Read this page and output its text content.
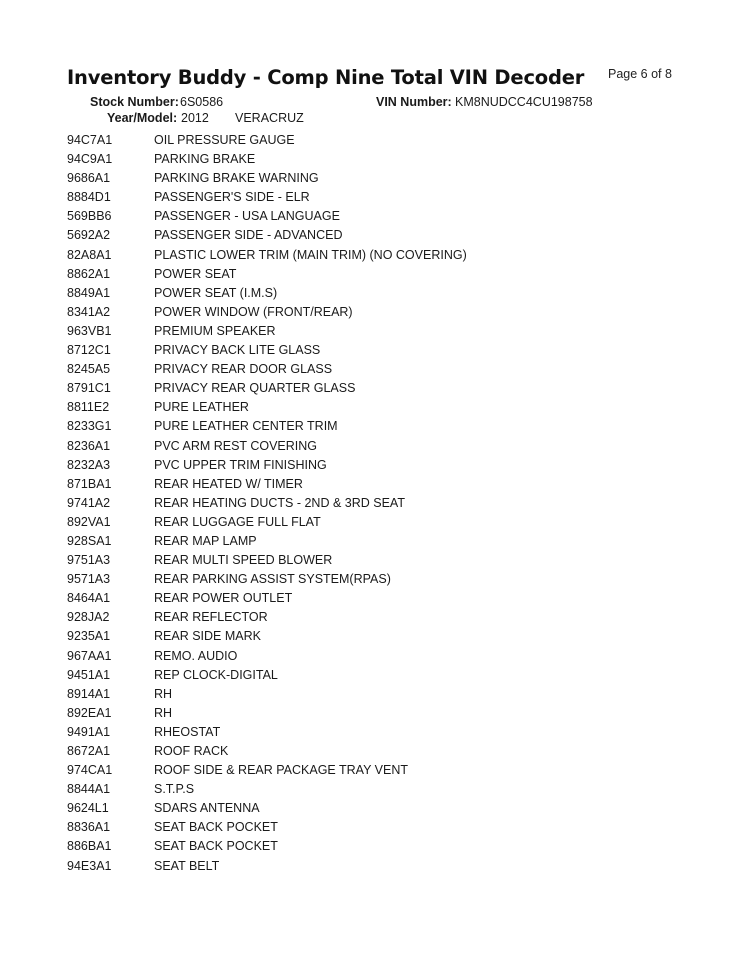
Inventory Buddy - Comp Nine Total VIN Decoder Page 6 of 8
Stock Number: 6S0586	VIN Number: KM8NUDCC4CU198758
Year/Model: 2012 VERACRUZ
94C7A1	OIL PRESSURE GAUGE
94C9A1	PARKING BRAKE
9686A1	PARKING BRAKE WARNING
8884D1	PASSENGER'S SIDE - ELR
569BB6	PASSENGER - USA LANGUAGE
5692A2	PASSENGER SIDE - ADVANCED
82A8A1	PLASTIC LOWER TRIM (MAIN TRIM) (NO COVERING)
8862A1	POWER SEAT
8849A1	POWER SEAT (I.M.S)
8341A2	POWER WINDOW (FRONT/REAR)
963VB1	PREMIUM SPEAKER
8712C1	PRIVACY BACK LITE GLASS
8245A5	PRIVACY REAR DOOR GLASS
8791C1	PRIVACY REAR QUARTER GLASS
8811E2	PURE LEATHER
8233G1	PURE LEATHER CENTER TRIM
8236A1	PVC ARM REST COVERING
8232A3	PVC UPPER TRIM FINISHING
871BA1	REAR HEATED W/ TIMER
9741A2	REAR HEATING DUCTS - 2ND & 3RD SEAT
892VA1	REAR LUGGAGE FULL FLAT
928SA1	REAR MAP LAMP
9751A3	REAR MULTI SPEED BLOWER
9571A3	REAR PARKING ASSIST SYSTEM(RPAS)
8464A1	REAR POWER OUTLET
928JA2	REAR REFLECTOR
9235A1	REAR SIDE MARK
967AA1	REMO. AUDIO
9451A1	REP CLOCK-DIGITAL
8914A1	RH
892EA1	RH
9491A1	RHEOSTAT
8672A1	ROOF RACK
974CA1	ROOF SIDE & REAR PACKAGE TRAY VENT
8844A1	S.T.P.S
9624L1	SDARS ANTENNA
8836A1	SEAT BACK POCKET
886BA1	SEAT BACK POCKET
94E3A1	SEAT BELT
